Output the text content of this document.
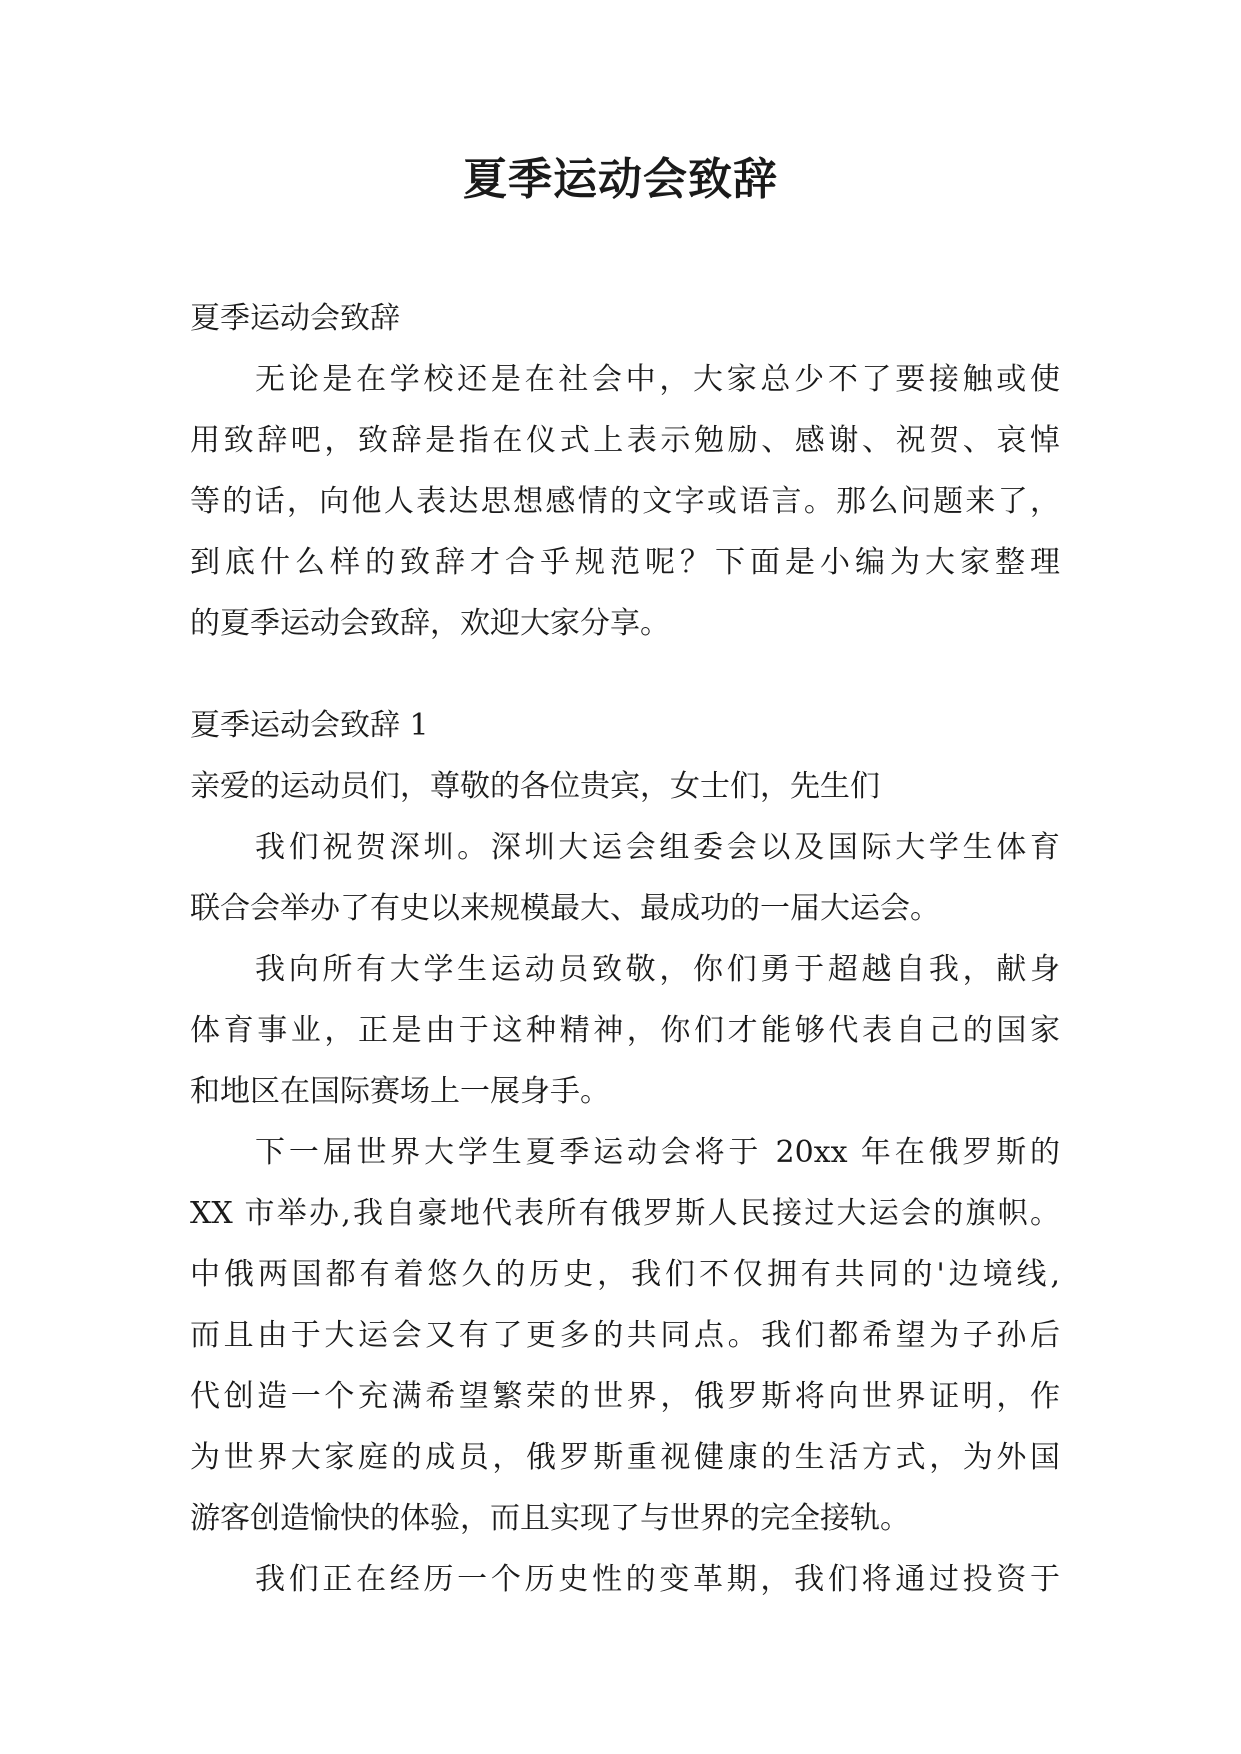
夏季运动会致辞

夏季运动会致辞

无论是在学校还是在社会中，大家总少不了要接触或使

用致辞吧，致辞是指在仪式上表示勉励、感谢、祝贺、哀悼

等的话，向他人表达思想感情的文字或语言。那么问题来了，

到底什么样的致辞才合乎规范呢？下面是小编为大家整理

的夏季运动会致辞，欢迎大家分享。

夏季运动会致辞 1

亲爱的运动员们，尊敬的各位贵宾，女士们，先生们

我们祝贺深圳。深圳大运会组委会以及国际大学生体育

联合会举办了有史以来规模最大、最成功的一届大运会。

我向所有大学生运动员致敬，你们勇于超越自我，献身

体育事业，正是由于这种精神，你们才能够代表自己的国家

和地区在国际赛场上一展身手。

下一届世界大学生夏季运动会将于 20xx 年在俄罗斯的

XX 市举办,我自豪地代表所有俄罗斯人民接过大运会的旗帜。

中俄两国都有着悠久的历史，我们不仅拥有共同的'边境线,

而且由于大运会又有了更多的共同点。我们都希望为子孙后

代创造一个充满希望繁荣的世界，俄罗斯将向世界证明，作

为世界大家庭的成员，俄罗斯重视健康的生活方式，为外国

游客创造愉快的体验，而且实现了与世界的完全接轨。

我们正在经历一个历史性的变革期，我们将通过投资于
